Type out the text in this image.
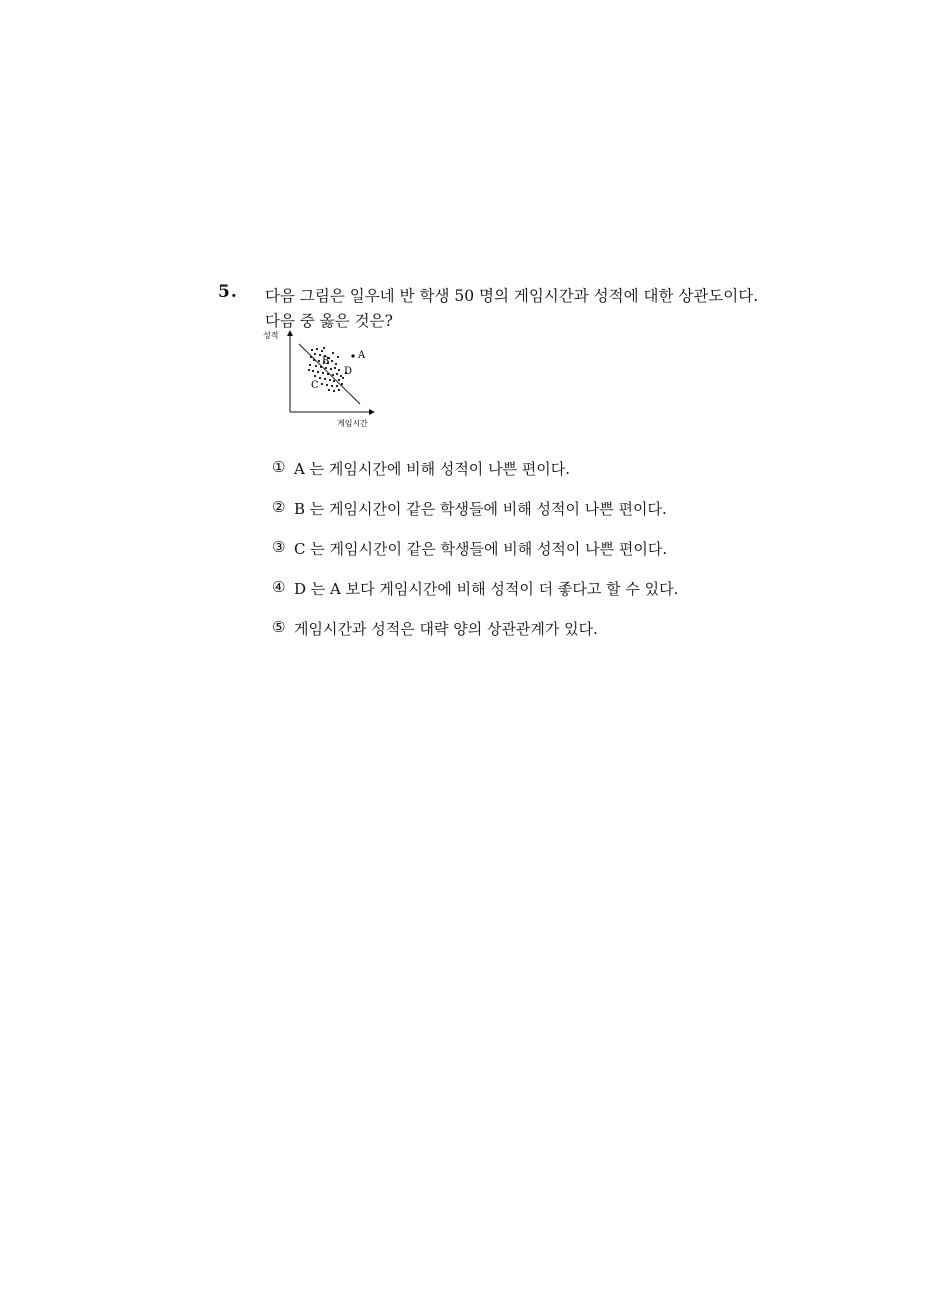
5. 다음 그림은 일우네 반 학생 50 명의 게임시간과 성적에 대한 상관도이다.
다음 중 옳은 것은?
성적
게임시간
A
B
C
D
① A 는 게임시간에 비해 성적이 나쁜 편이다.
② B 는 게임시간이 같은 학생들에 비해 성적이 나쁜 편이다.
③ C 는 게임시간이 같은 학생들에 비해 성적이 나쁜 편이다.
④ D 는 A 보다 게임시간에 비해 성적이 더 좋다고 할 수 있다.
⑤ 게임시간과 성적은 대략 양의 상관관계가 있다.
